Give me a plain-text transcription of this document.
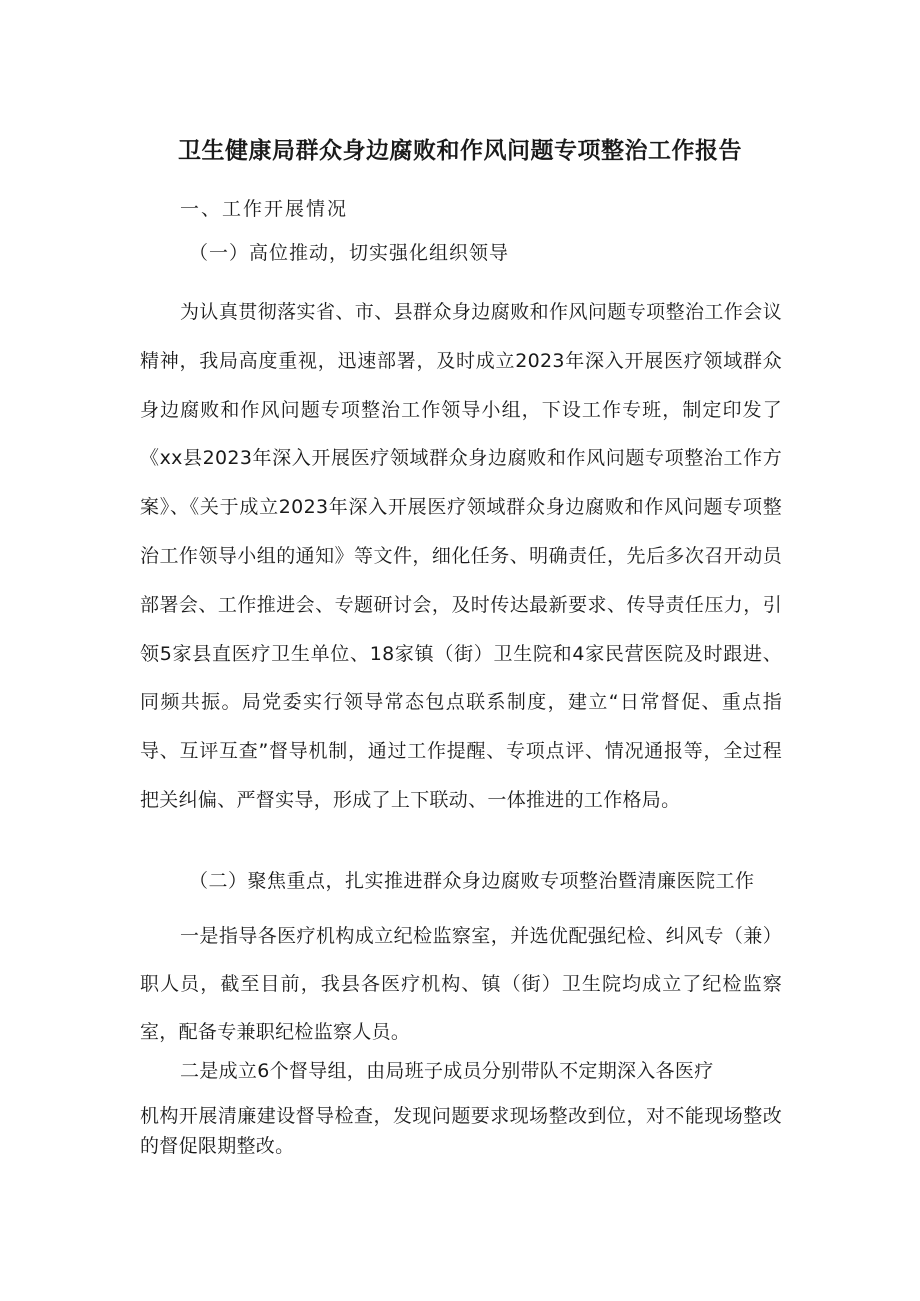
卫生健康局群众身边腐败和作风问题专项整治工作报告
一、工作开展情况
（一）高位推动，切实强化组织领导

为认真贯彻落实省、市、县群众身边腐败和作风问题专项整治工作会议精神，我局高度重视，迅速部署，及时成立2023年深入开展医疗领域群众身边腐败和作风问题专项整治工作领导小组，下设工作专班，制定印发了《xx县2023年深入开展医疗领域群众身边腐败和作风问题专项整治工作方案》、《关于成立2023年深入开展医疗领域群众身边腐败和作风问题专项整治工作领导小组的通知》等文件，细化任务、明确责任，先后多次召开动员部署会、工作推进会、专题研讨会，及时传达最新要求、传导责任压力，引领5家县直医疗卫生单位、18家镇（街）卫生院和4家民营医院及时跟进、同频共振。局党委实行领导常态包点联系制度，建立“日常督促、重点指导、互评互查”督导机制，通过工作提醒、专项点评、情况通报等，全过程把关纠偏、严督实导，形成了上下联动、一体推进的工作格局。

（二）聚焦重点，扎实推进群众身边腐败专项整治暨清廉医院工作

一是指导各医疗机构成立纪检监察室，并选优配强纪检、纠风专（兼）职人员，截至目前，我县各医疗机构、镇（街）卫生院均成立了纪检监察室，配备专兼职纪检监察人员。

二是成立6个督导组，由局班子成员分别带队不定期深入各医疗

机构开展清廉建设督导检查，发现问题要求现场整改到位，对不能现场整改的督促限期整改。
